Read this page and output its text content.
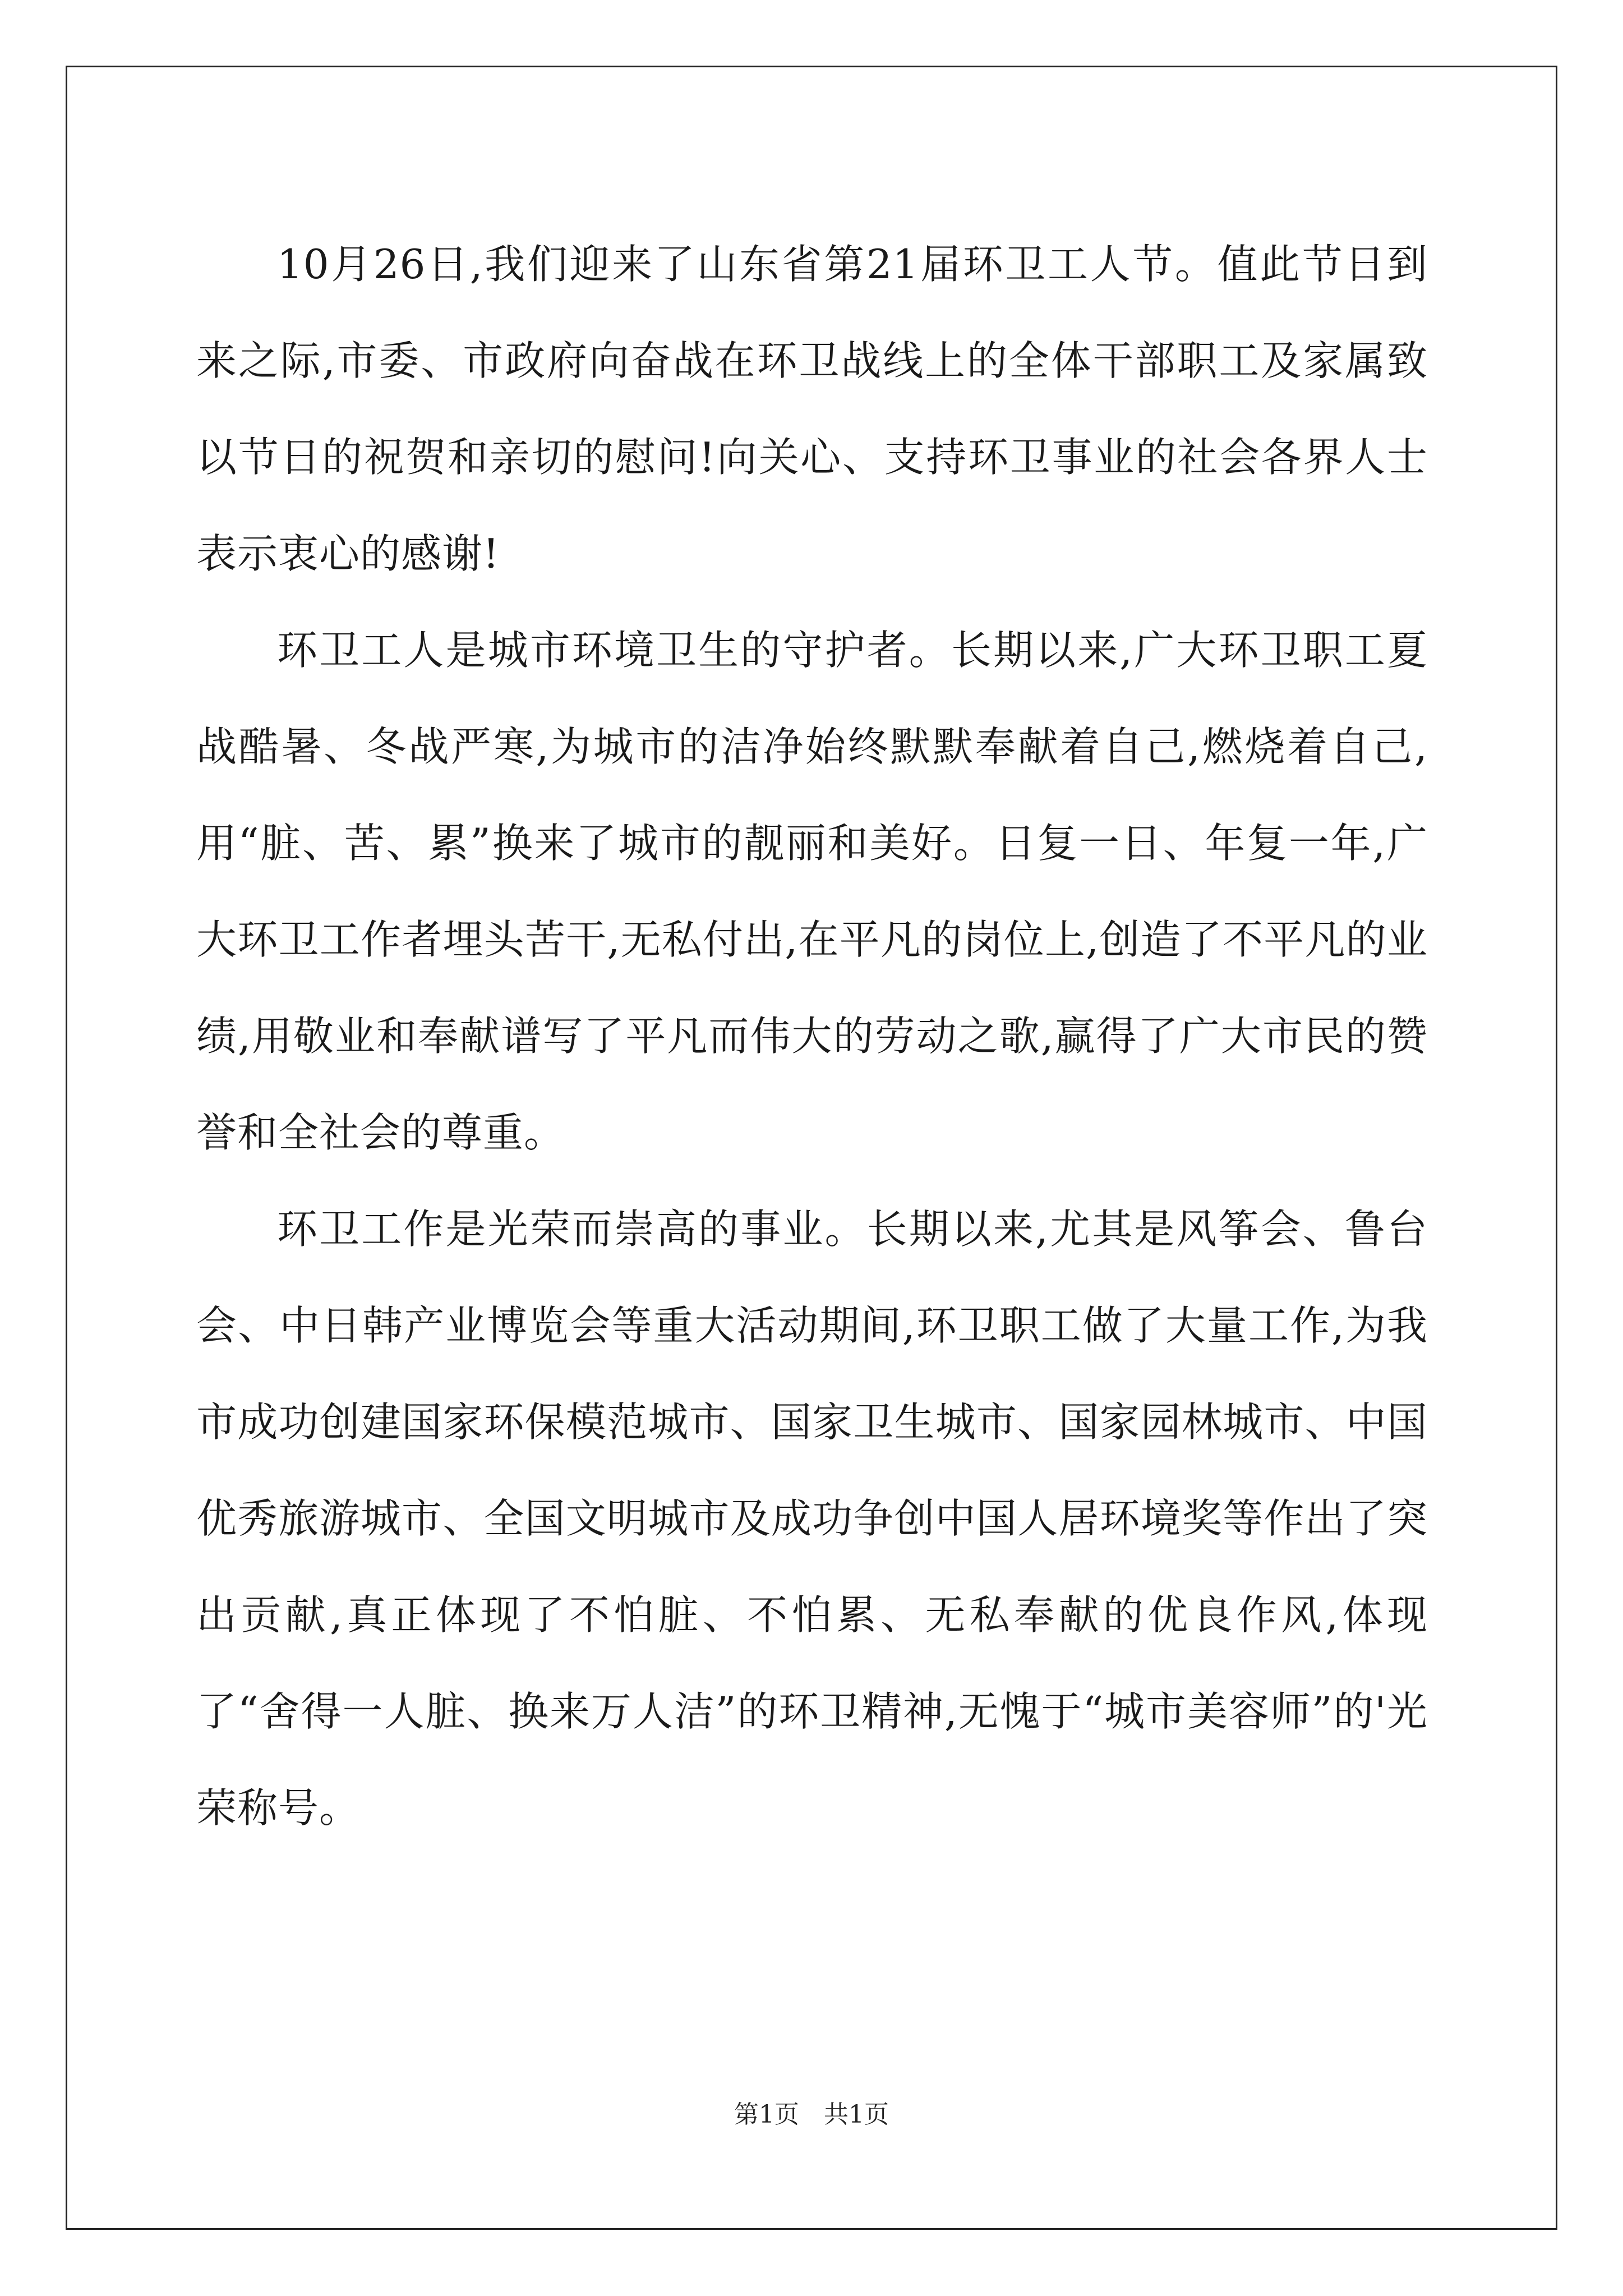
10月26日,我们迎来了山东省第21届环卫工人节。值此节日到来之际,市委、市政府向奋战在环卫战线上的全体干部职工及家属致以节日的祝贺和亲切的慰问!向关心、支持环卫事业的社会各界人士表示衷心的感谢!

环卫工人是城市环境卫生的守护者。长期以来,广大环卫职工夏战酷暑、冬战严寒,为城市的洁净始终默默奉献着自己,燃烧着自己,用“脏、苦、累”换来了城市的靓丽和美好。日复一日、年复一年,广大环卫工作者埋头苦干,无私付出,在平凡的岗位上,创造了不平凡的业绩,用敬业和奉献谱写了平凡而伟大的劳动之歌,赢得了广大市民的赞誉和全社会的尊重。

环卫工作是光荣而崇高的事业。长期以来,尤其是风筝会、鲁台会、中日韩产业博览会等重大活动期间,环卫职工做了大量工作,为我市成功创建国家环保模范城市、国家卫生城市、国家园林城市、中国优秀旅游城市、全国文明城市及成功争创中国人居环境奖等作出了突出贡献,真正体现了不怕脏、不怕累、无私奉献的优良作风,体现了“舍得一人脏、换来万人洁”的环卫精神,无愧于“城市美容师”的'光荣称号。

第1页 共1页
